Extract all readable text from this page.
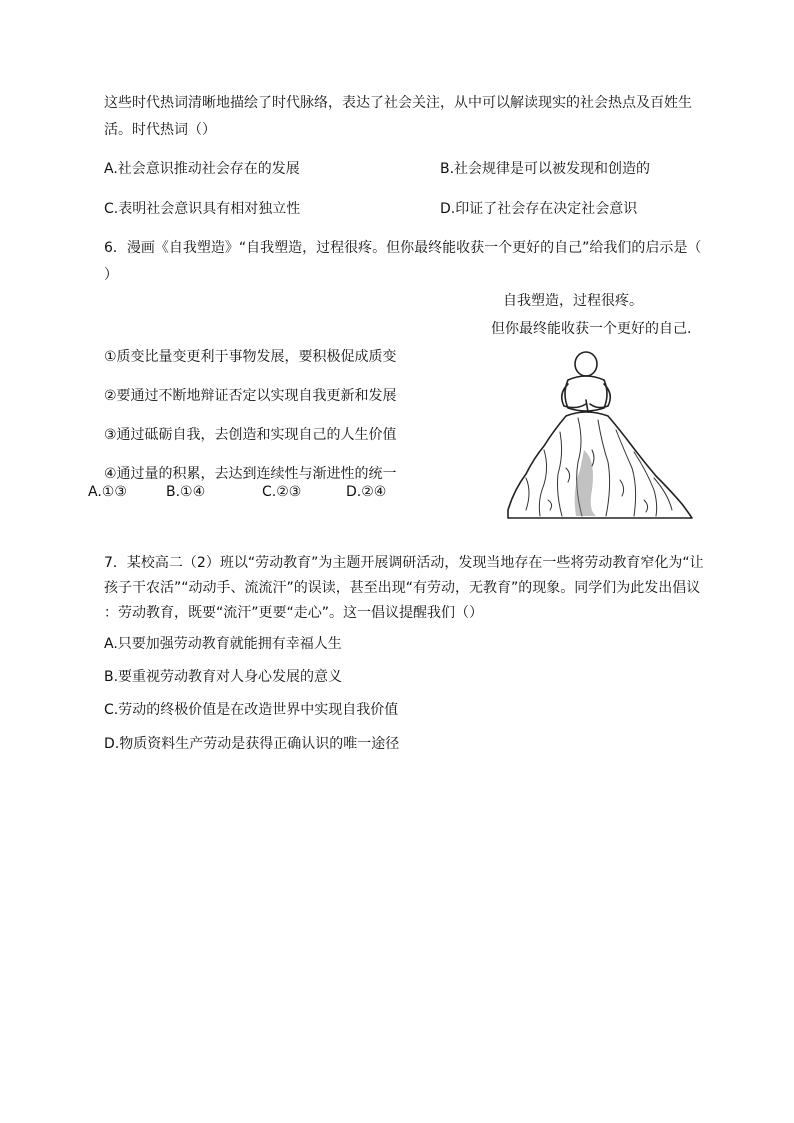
这些时代热词清晰地描绘了时代脉络，表达了社会关注，从中可以解读现实的社会热点及百姓生
活。时代热词（）
A.社会意识推动社会存在的发展	B.社会规律是可以被发现和创造的
C.表明社会意识具有相对独立性	D.印证了社会存在决定社会意识
6．漫画《自我塑造》“自我塑造，过程很疼。但你最终能收获一个更好的自己”给我们的启示是（
）
自我塑造，过程很疼。
但你最终能收获一个更好的自己.
①质变比量变更利于事物发展，要积极促成质变
②要通过不断地辩证否定以实现自我更新和发展
③通过砥砺自我，去创造和实现自己的人生价值
④通过量的积累，去达到连续性与渐进性的统一
A.①③	B.①④	C.②③	D.②④
7．某校高二（2）班以“劳动教育”为主题开展调研活动，发现当地存在一些将劳动教育窄化为“让
孩子干农活”“动动手、流流汗”的误读，甚至出现“有劳动，无教育”的现象。同学们为此发出倡议
：劳动教育，既要“流汗”更要“走心”。这一倡议提醒我们（）
A.只要加强劳动教育就能拥有幸福人生
B.要重视劳动教育对人身心发展的意义
C.劳动的终极价值是在改造世界中实现自我价值
D.物质资料生产劳动是获得正确认识的唯一途径
